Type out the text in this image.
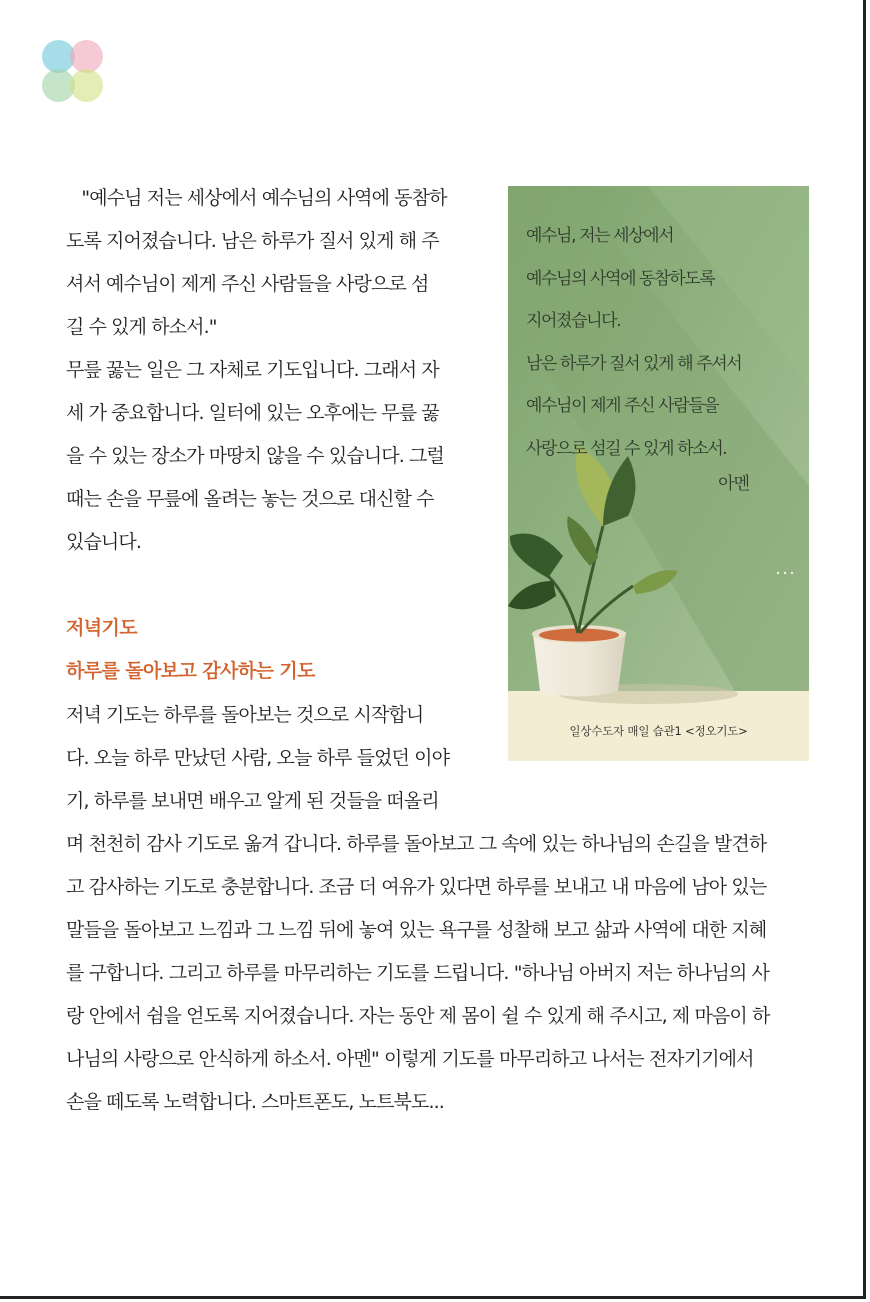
"예수님 저는 세상에서 예수님의 사역에 동참하

도록 지어졌습니다. 남은 하루가 질서 있게 해 주

셔서 예수님이 제게 주신 사람들을 사랑으로 섬

길 수 있게 하소서."

무릎 꿇는 일은 그 자체로 기도입니다. 그래서 자

세 가 중요합니다. 일터에 있는 오후에는 무릎 꿇

을 수 있는 장소가 마땅치 않을 수 있습니다. 그럴

때는 손을 무릎에 올려는 놓는 것으로 대신할 수

있습니다.

저녁기도
하루를 돌아보고 감사하는 기도

저녁 기도는 하루를 돌아보는 것으로 시작합니

다. 오늘 하루 만났던 사람, 오늘 하루 들었던 이야

기, 하루를 보내면 배우고 알게 된 것들을 떠올리

며 천천히 감사 기도로 옮겨 갑니다. 하루를 돌아보고 그 속에 있는 하나님의 손길을 발견하

고 감사하는 기도로 충분합니다. 조금 더 여유가 있다면 하루를 보내고 내 마음에 남아 있는

말들을 돌아보고 느낌과 그 느낌 뒤에 놓여 있는 욕구를 성찰해 보고 삶과 사역에 대한 지혜

를 구합니다. 그리고 하루를 마무리하는 기도를 드립니다. "하나님 아버지 저는 하나님의 사

랑 안에서 쉼을 얻도록 지어졌습니다. 자는 동안 제 몸이 쉴 수 있게 해 주시고, 제 마음이 하

나님의 사랑으로 안식하게 하소서. 아멘" 이렇게 기도를 마무리하고 나서는 전자기기에서

손을 떼도록 노력합니다. 스마트폰도, 노트북도...

예수님, 저는 세상에서
예수님의 사역에 동참하도록
지어졌습니다.
남은 하루가 질서 있게 해 주셔서
예수님이 제게 주신 사람들을
사랑으로 섬길 수 있게 하소서.
아멘
일상수도자 매일 습관1 <정오기도>
